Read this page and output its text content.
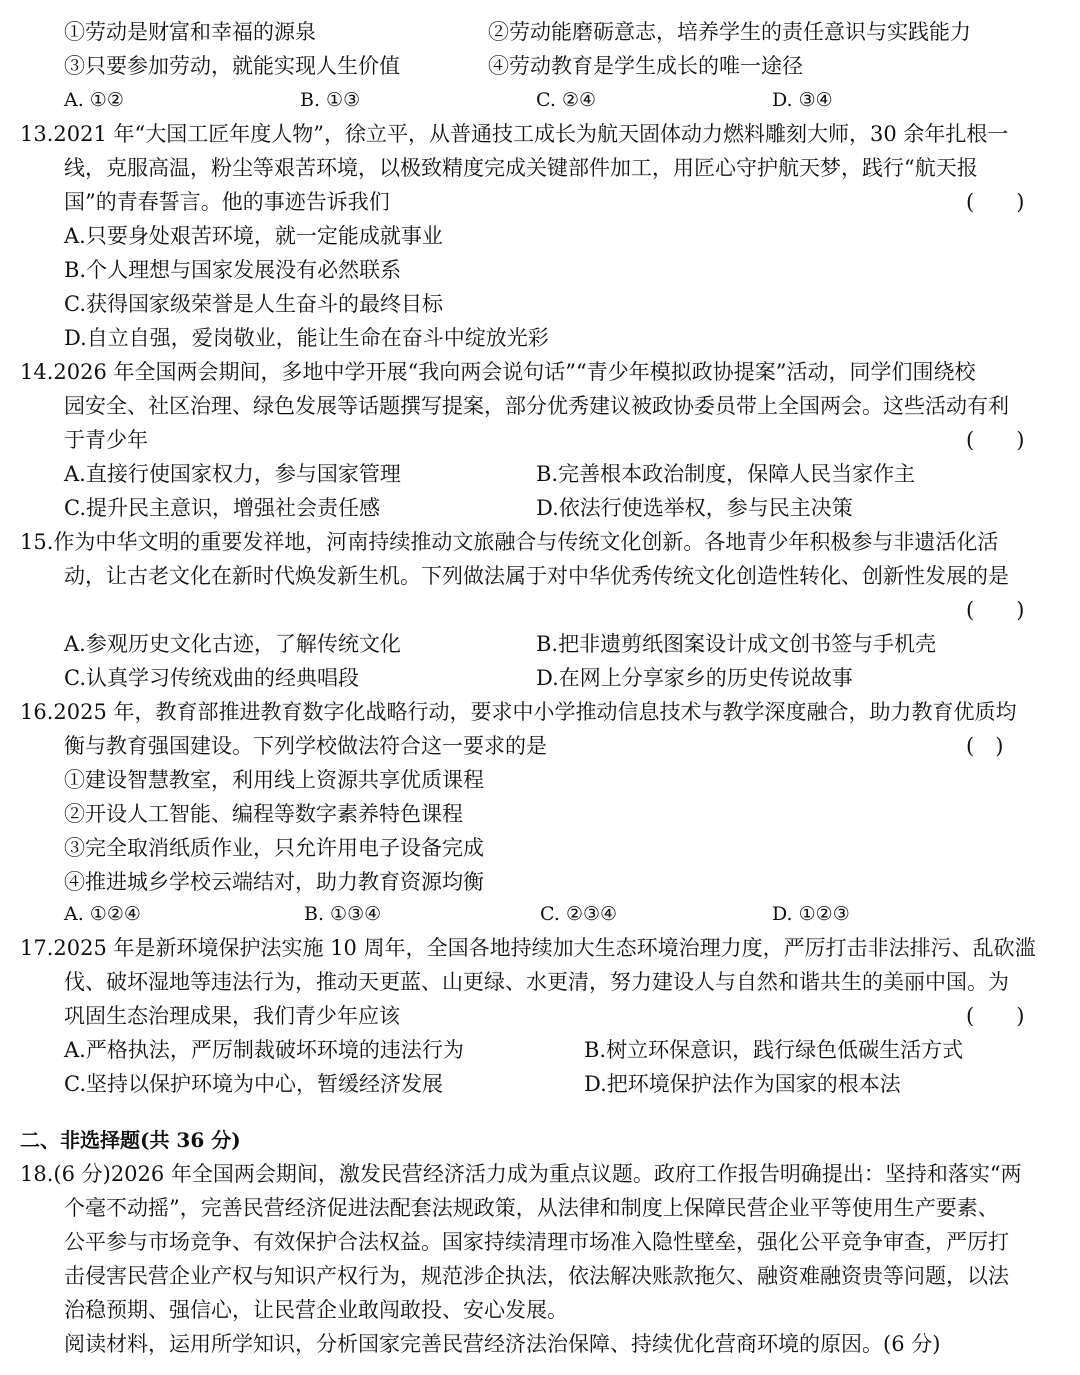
①劳动是财富和幸福的源泉	②劳动能磨砺意志，培养学生的责任意识与实践能力
③只要参加劳动，就能实现人生价值	④劳动教育是学生成长的唯一途径
A. ①②	B. ①③	C. ②④	D. ③④
13.2021 年“大国工匠年度人物”，徐立平，从普通技工成长为航天固体动力燃料雕刻大师，30 余年扎根一
线，克服高温，粉尘等艰苦环境，以极致精度完成关键部件加工，用匠心守护航天梦，践行“航天报
国”的青春誓言。他的事迹告诉我们	(　　)
A.只要身处艰苦环境，就一定能成就事业
B.个人理想与国家发展没有必然联系
C.获得国家级荣誉是人生奋斗的最终目标
D.自立自强，爱岗敬业，能让生命在奋斗中绽放光彩
14.2026 年全国两会期间，多地中学开展“我向两会说句话”“青少年模拟政协提案”活动，同学们围绕校
园安全、社区治理、绿色发展等话题撰写提案，部分优秀建议被政协委员带上全国两会。这些活动有利
于青少年	(　　)
A.直接行使国家权力，参与国家管理	B.完善根本政治制度，保障人民当家作主
C.提升民主意识，增强社会责任感	D.依法行使选举权，参与民主决策
15.作为中华文明的重要发祥地，河南持续推动文旅融合与传统文化创新。各地青少年积极参与非遗活化活
动，让古老文化在新时代焕发新生机。下列做法属于对中华优秀传统文化创造性转化、创新性发展的是
(　　)
A.参观历史文化古迹，了解传统文化	B.把非遗剪纸图案设计成文创书签与手机壳
C.认真学习传统戏曲的经典唱段	D.在网上分享家乡的历史传说故事
16.2025 年，教育部推进教育数字化战略行动，要求中小学推动信息技术与教学深度融合，助力教育优质均
衡与教育强国建设。下列学校做法符合这一要求的是	(　)
①建设智慧教室，利用线上资源共享优质课程
②开设人工智能、编程等数字素养特色课程
③完全取消纸质作业，只允许用电子设备完成
④推进城乡学校云端结对，助力教育资源均衡
A. ①②④	B. ①③④	C. ②③④	D. ①②③
17.2025 年是新环境保护法实施 10 周年，全国各地持续加大生态环境治理力度，严厉打击非法排污、乱砍滥
伐、破坏湿地等违法行为，推动天更蓝、山更绿、水更清，努力建设人与自然和谐共生的美丽中国。为
巩固生态治理成果，我们青少年应该	(　　)
A.严格执法，严厉制裁破坏环境的违法行为	B.树立环保意识，践行绿色低碳生活方式
C.坚持以保护环境为中心，暂缓经济发展	D.把环境保护法作为国家的根本法
二、非选择题(共 36 分)
18.(6 分)2026 年全国两会期间，激发民营经济活力成为重点议题。政府工作报告明确提出：坚持和落实“两
个毫不动摇”，完善民营经济促进法配套法规政策，从法律和制度上保障民营企业平等使用生产要素、
公平参与市场竞争、有效保护合法权益。国家持续清理市场准入隐性壁垒，强化公平竞争审查，严厉打
击侵害民营企业产权与知识产权行为，规范涉企执法，依法解决账款拖欠、融资难融资贵等问题，以法
治稳预期、强信心，让民营企业敢闯敢投、安心发展。
阅读材料，运用所学知识，分析国家完善民营经济法治保障、持续优化营商环境的原因。(6 分)
